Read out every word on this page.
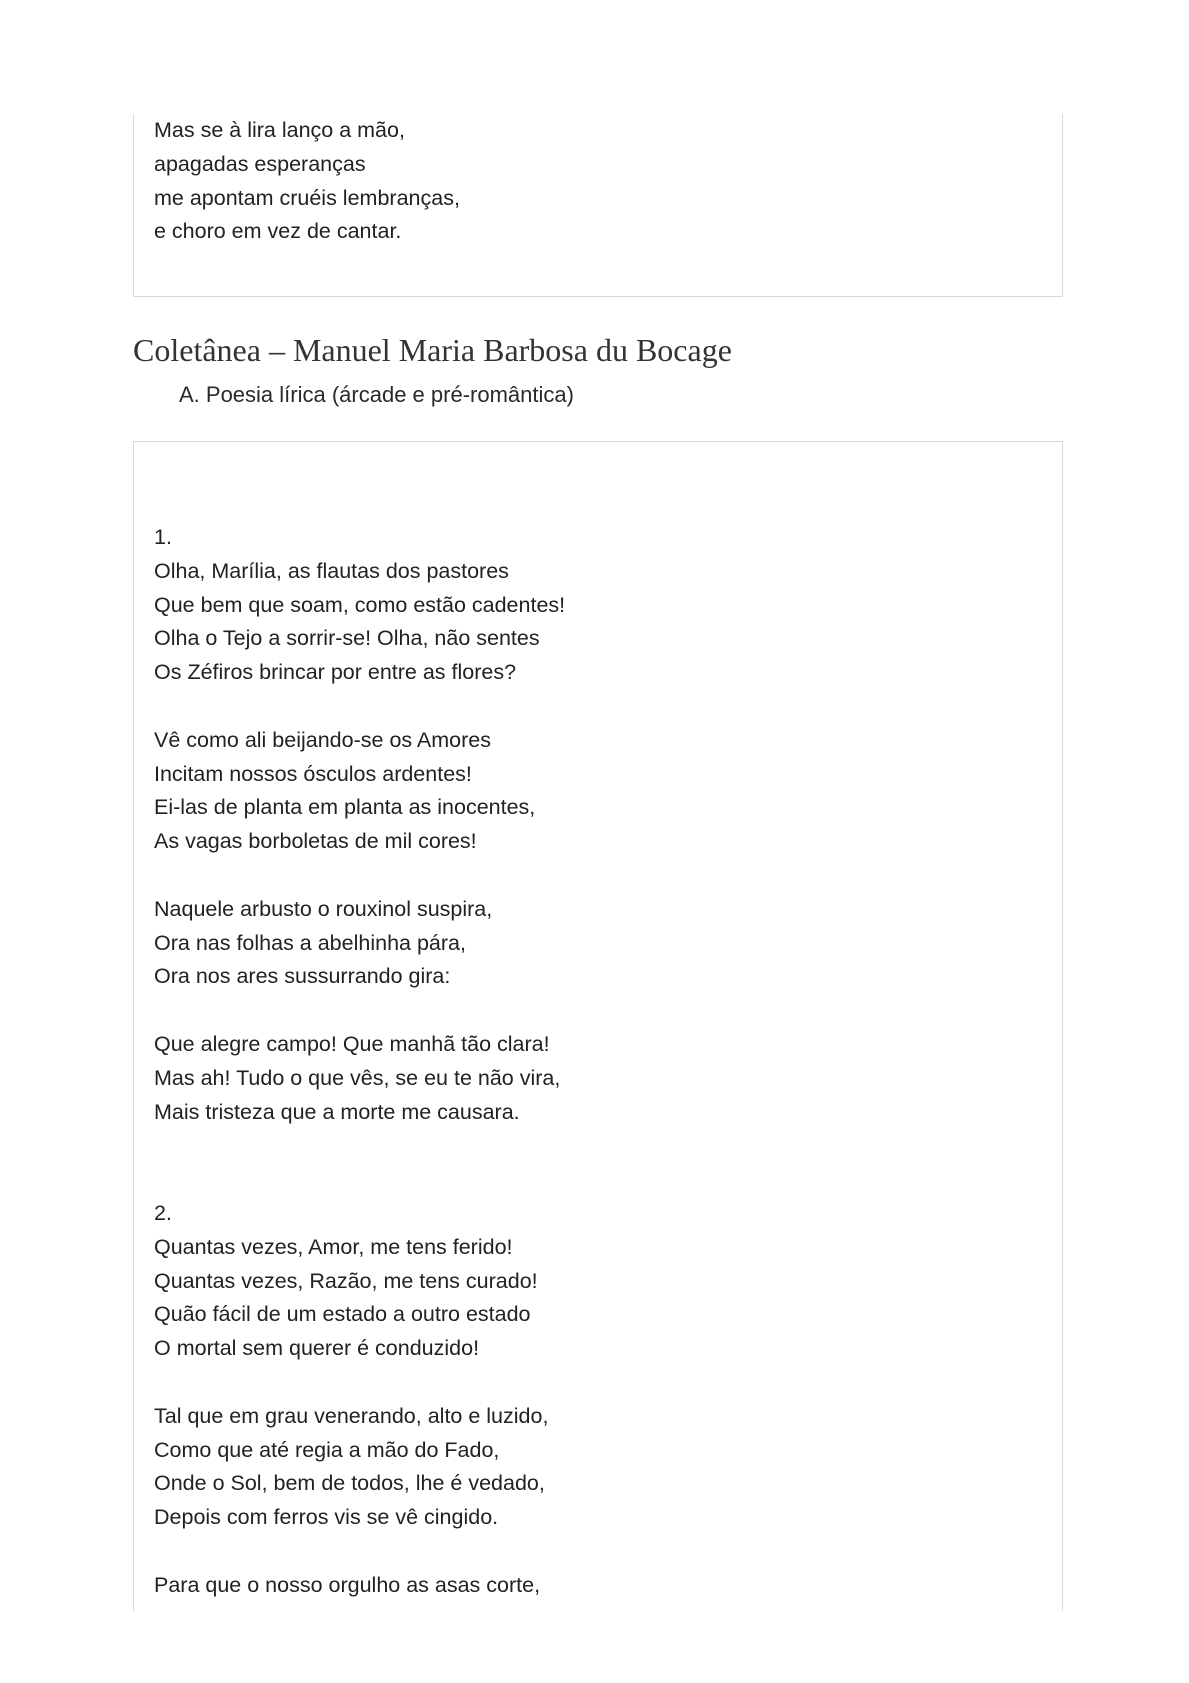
Mas se à lira lanço a mão,
apagadas esperanças
me apontam cruéis lembranças,
e choro em vez de cantar.
Coletânea – Manuel Maria Barbosa du Bocage
A. Poesia lírica (árcade e pré-romântica)
1.
Olha, Marília, as flautas dos pastores
Que bem que soam, como estão cadentes!
Olha o Tejo a sorrir-se! Olha, não sentes
Os Zéfiros brincar por entre as flores?
Vê como ali beijando-se os Amores
Incitam nossos ósculos ardentes!
Ei-las de planta em planta as inocentes,
As vagas borboletas de mil cores!
Naquele arbusto o rouxinol suspira,
Ora nas folhas a abelhinha pára,
Ora nos ares sussurrando gira:
Que alegre campo! Que manhã tão clara!
Mas ah! Tudo o que vês, se eu te não vira,
Mais tristeza que a morte me causara.
2.
Quantas vezes, Amor, me tens ferido!
Quantas vezes, Razão, me tens curado!
Quão fácil de um estado a outro estado
O mortal sem querer é conduzido!
Tal que em grau venerando, alto e luzido,
Como que até regia a mão do Fado,
Onde o Sol, bem de todos, lhe é vedado,
Depois com ferros vis se vê cingido.
Para que o nosso orgulho as asas corte,
